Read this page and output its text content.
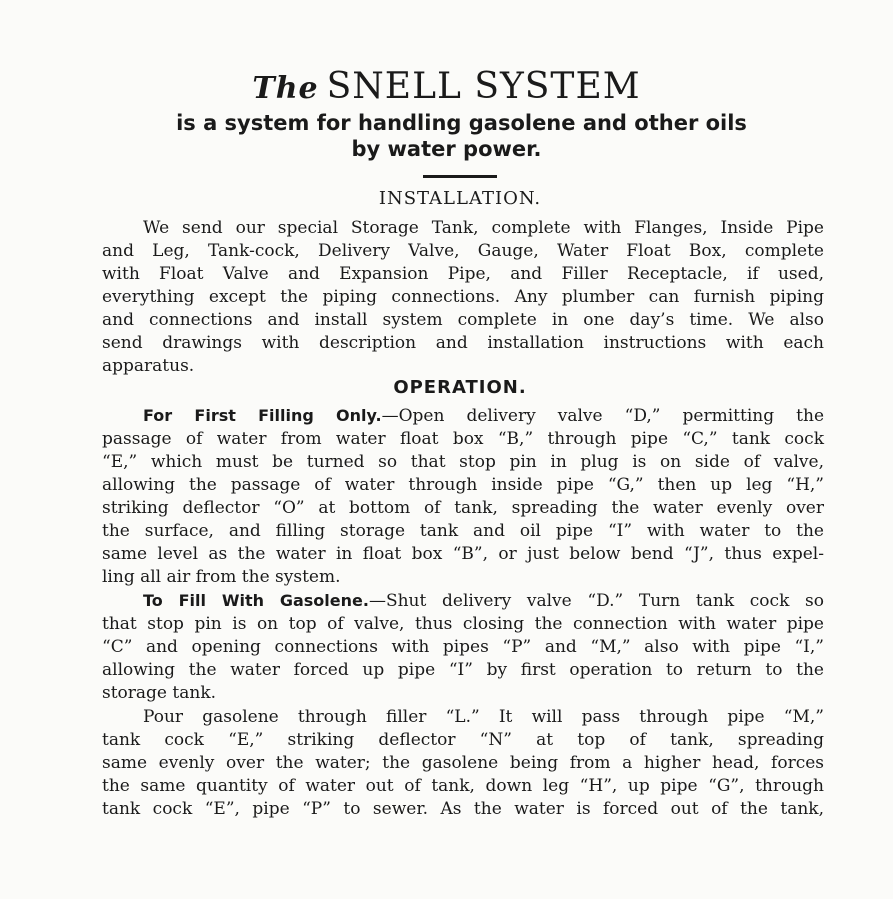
The SNELL SYSTEM
is a system for handling gasolene and other oils
by water power.
INSTALLATION.
We send our special Storage Tank, complete with Flanges, Inside Pipe
and Leg, Tank-cock, Delivery Valve, Gauge, Water Float Box, complete
with Float Valve and Expansion Pipe, and Filler Receptacle, if used,
everything except the piping connections. Any plumber can furnish piping
and connections and install system complete in one day’s time. We also
send drawings with description and installation instructions with each
apparatus.
OPERATION.
For First Filling Only.—Open delivery valve “D,” permitting the
passage of water from water float box “B,” through pipe “C,” tank cock
“E,” which must be turned so that stop pin in plug is on side of valve,
allowing the passage of water through inside pipe “G,” then up leg “H,”
striking deflector “O” at bottom of tank, spreading the water evenly over
the surface, and filling storage tank and oil pipe “I” with water to the
same level as the water in float box “B”, or just below bend “J”, thus expel-
ling all air from the system.
To Fill With Gasolene.—Shut delivery valve “D.” Turn tank cock so
that stop pin is on top of valve, thus closing the connection with water pipe
“C” and opening connections with pipes “P” and “M,” also with pipe “I,”
allowing the water forced up pipe “I” by first operation to return to the
storage tank.
Pour gasolene through filler “L.” It will pass through pipe “M,”
tank cock “E,” striking deflector “N” at top of tank, spreading
same evenly over the water; the gasolene being from a higher head, forces
the same quantity of water out of tank, down leg “H”, up pipe “G”, through
tank cock “E”, pipe “P” to sewer. As the water is forced out of the tank,
